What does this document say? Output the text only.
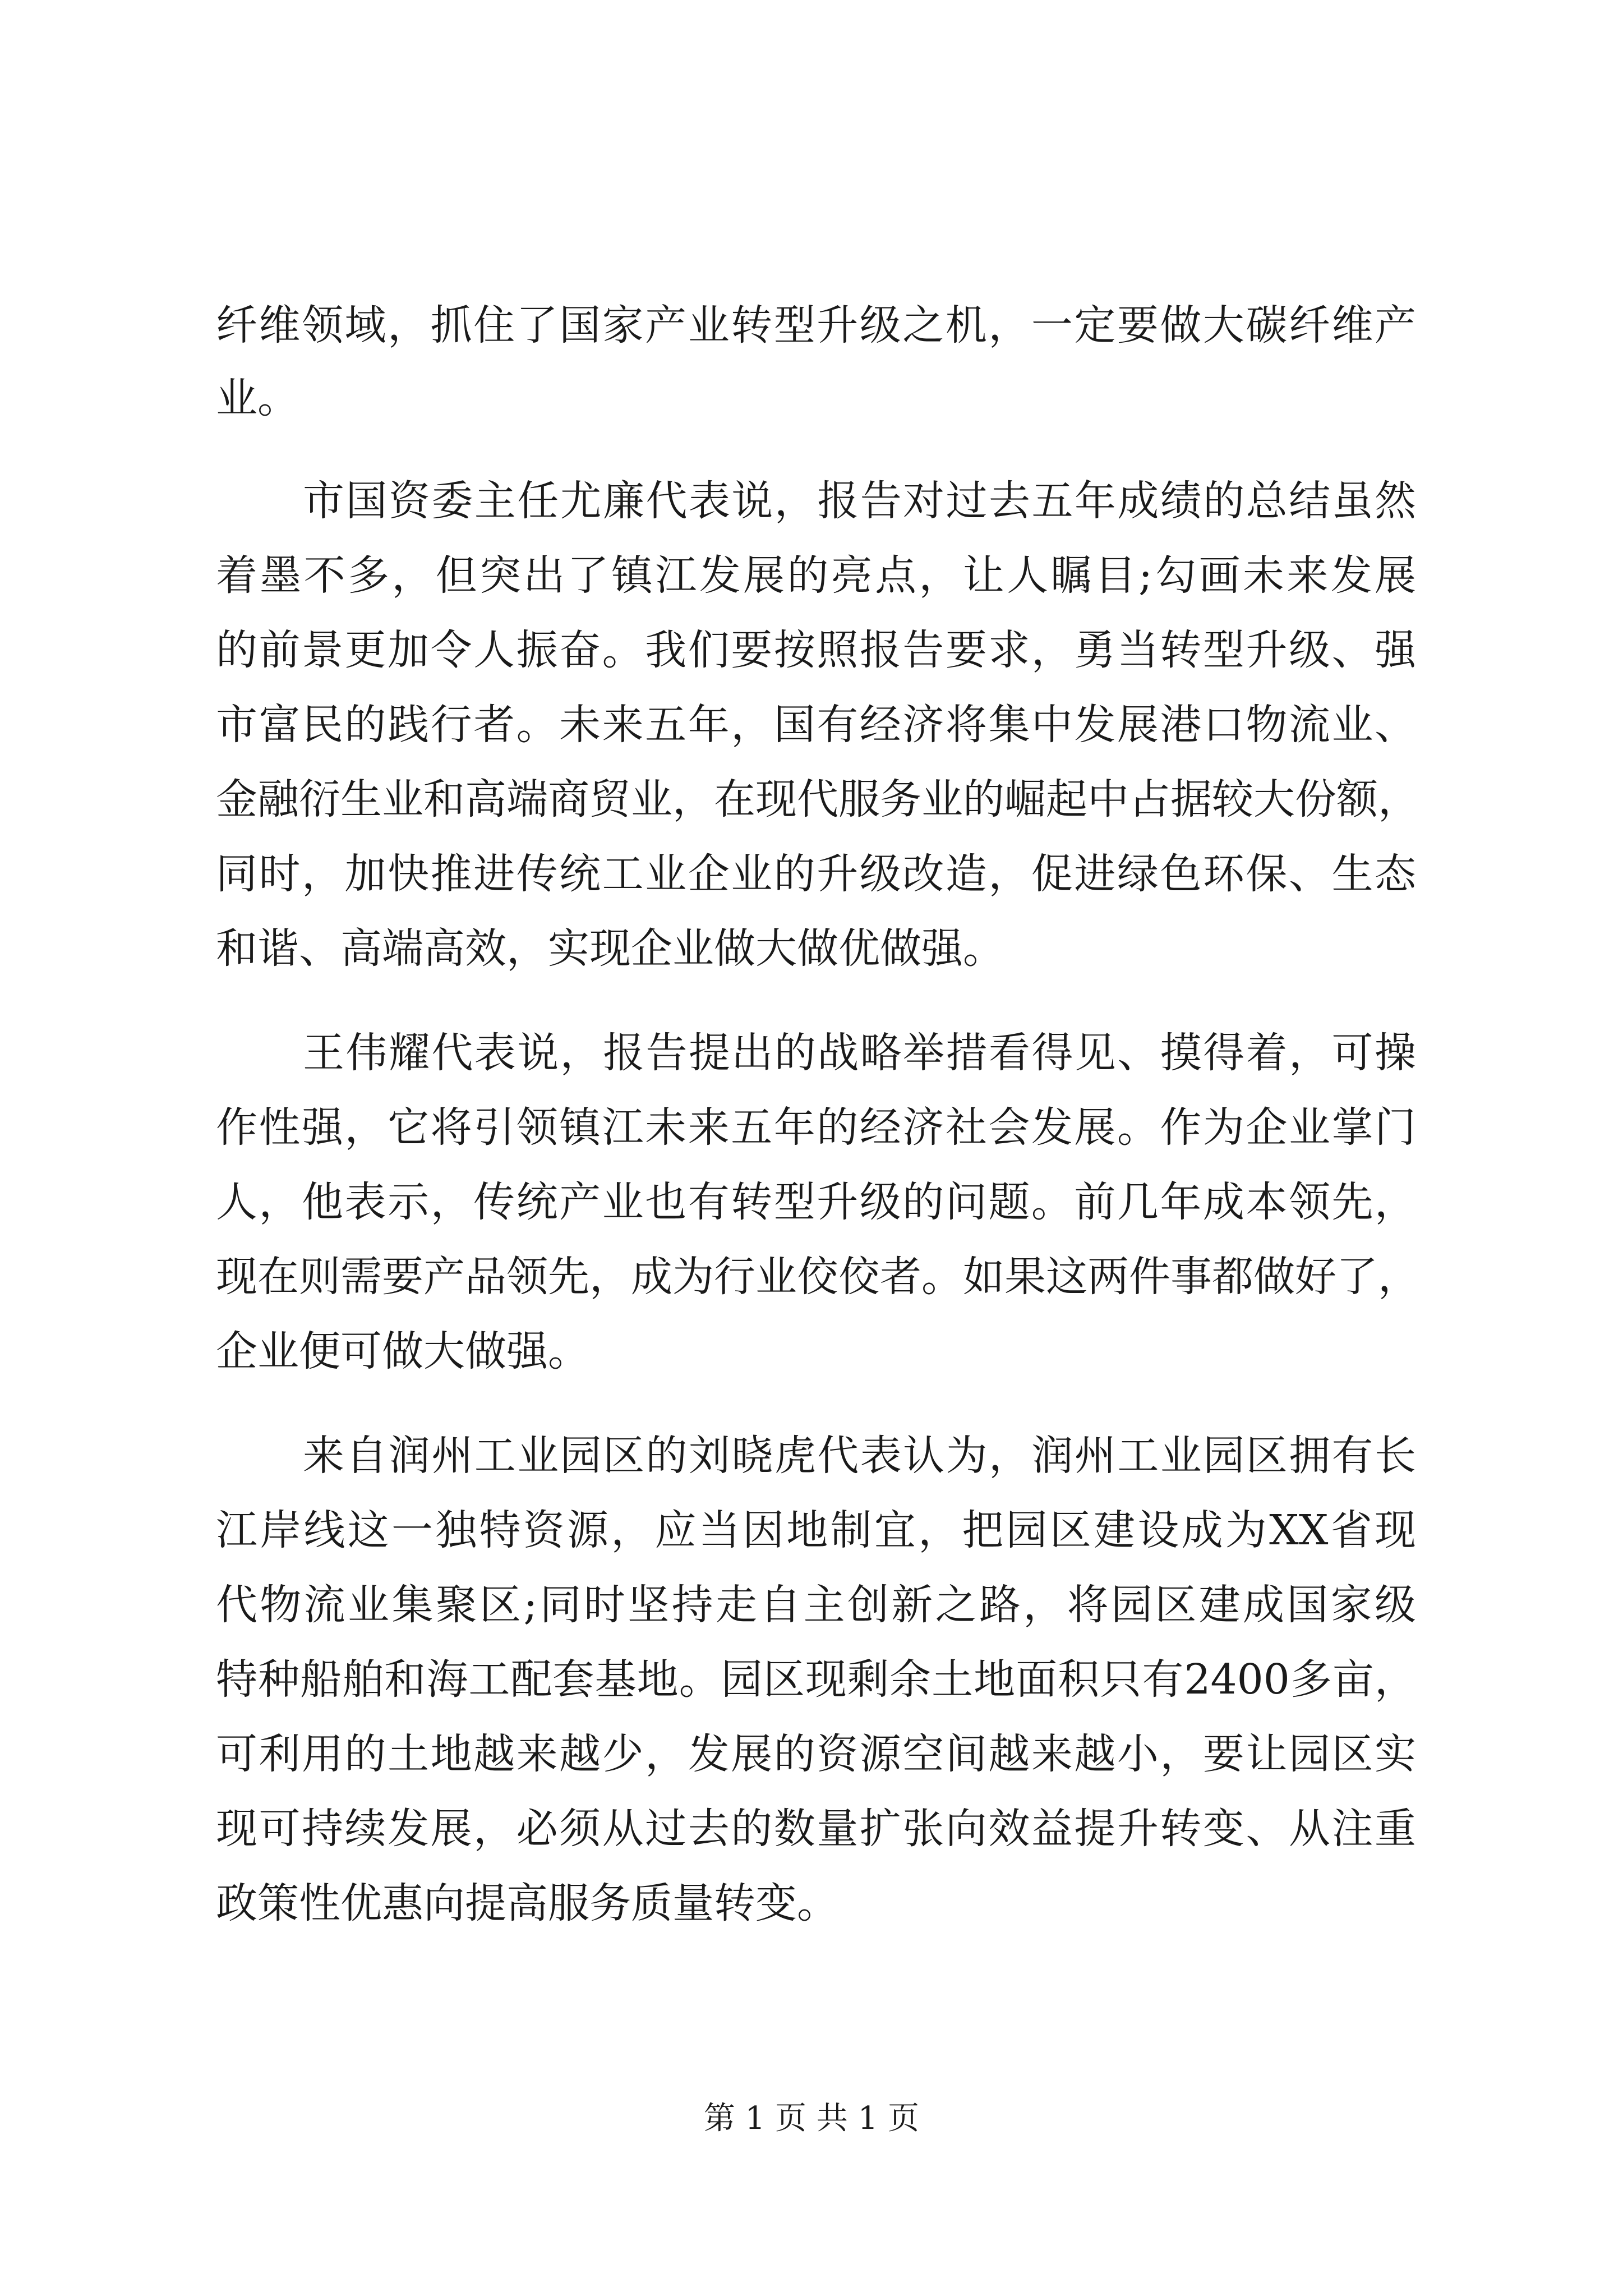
纤维领域，抓住了国家产业转型升级之机，一定要做大碳纤维产
业。
市国资委主任尤廉代表说，报告对过去五年成绩的总结虽然
着墨不多，但突出了镇江发展的亮点，让人瞩目;勾画未来发展
的前景更加令人振奋。我们要按照报告要求，勇当转型升级、强
市富民的践行者。未来五年，国有经济将集中发展港口物流业、
金融衍生业和高端商贸业，在现代服务业的崛起中占据较大份额，
同时，加快推进传统工业企业的升级改造，促进绿色环保、生态
和谐、高端高效，实现企业做大做优做强。
王伟耀代表说，报告提出的战略举措看得见、摸得着，可操
作性强，它将引领镇江未来五年的经济社会发展。作为企业掌门
人，他表示，传统产业也有转型升级的问题。前几年成本领先，
现在则需要产品领先，成为行业佼佼者。如果这两件事都做好了，
企业便可做大做强。
来自润州工业园区的刘晓虎代表认为，润州工业园区拥有长
江岸线这一独特资源，应当因地制宜，把园区建设成为XX省现
代物流业集聚区;同时坚持走自主创新之路，将园区建成国家级
特种船舶和海工配套基地。园区现剩余土地面积只有2400多亩，
可利用的土地越来越少，发展的资源空间越来越小，要让园区实
现可持续发展，必须从过去的数量扩张向效益提升转变、从注重
政策性优惠向提高服务质量转变。
第 1 页 共 1 页
